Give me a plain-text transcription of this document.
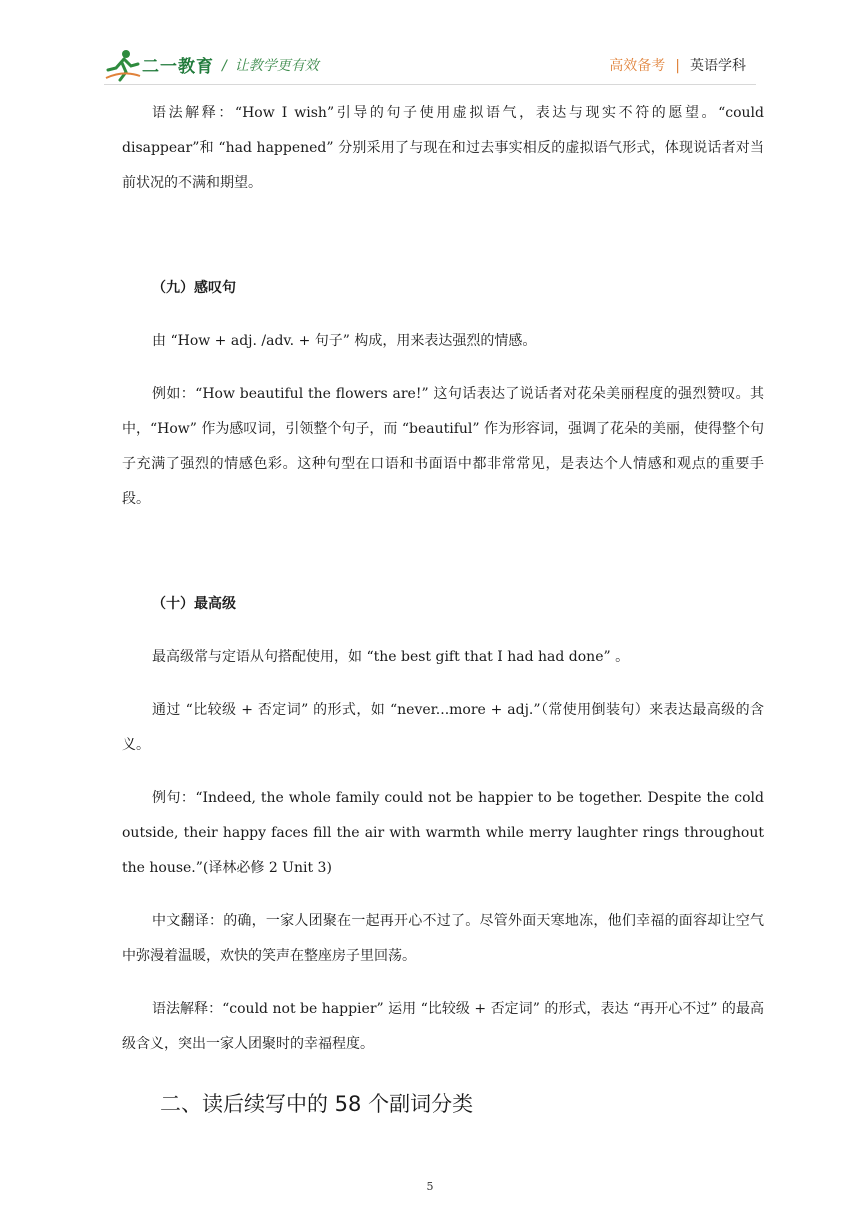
二一教育 / 让教学更有效	高效备考 | 英语学科

语法解释：“How I wish”引导的句子使用虚拟语气，表达与现实不符的愿望。“could disappear”和 “had happened” 分别采用了与现在和过去事实相反的虚拟语气形式，体现说话者对当前状况的不满和期望。

（九）感叹句

由 “How + adj. /adv. + 句子” 构成，用来表达强烈的情感。

例如：“How beautiful the flowers are!” 这句话表达了说话者对花朵美丽程度的强烈赞叹。其中，“How” 作为感叹词，引领整个句子，而 “beautiful” 作为形容词，强调了花朵的美丽，使得整个句子充满了强烈的情感色彩。这种句型在口语和书面语中都非常常见，是表达个人情感和观点的重要手段。

（十）最高级

最高级常与定语从句搭配使用，如 “the best gift that I had had done” 。

通过 “比较级 + 否定词” 的形式，如 “never...more + adj.”（常使用倒装句）来表达最高级的含义。

例句：“Indeed, the whole family could not be happier to be together. Despite the cold outside, their happy faces fill the air with warmth while merry laughter rings throughout the house.”(译林必修 2 Unit 3)

中文翻译：的确，一家人团聚在一起再开心不过了。尽管外面天寒地冻，他们幸福的面容却让空气中弥漫着温暖，欢快的笑声在整座房子里回荡。

语法解释：“could not be happier” 运用 “比较级 + 否定词” 的形式，表达 “再开心不过” 的最高级含义，突出一家人团聚时的幸福程度。

二、读后续写中的 58 个副词分类
5
